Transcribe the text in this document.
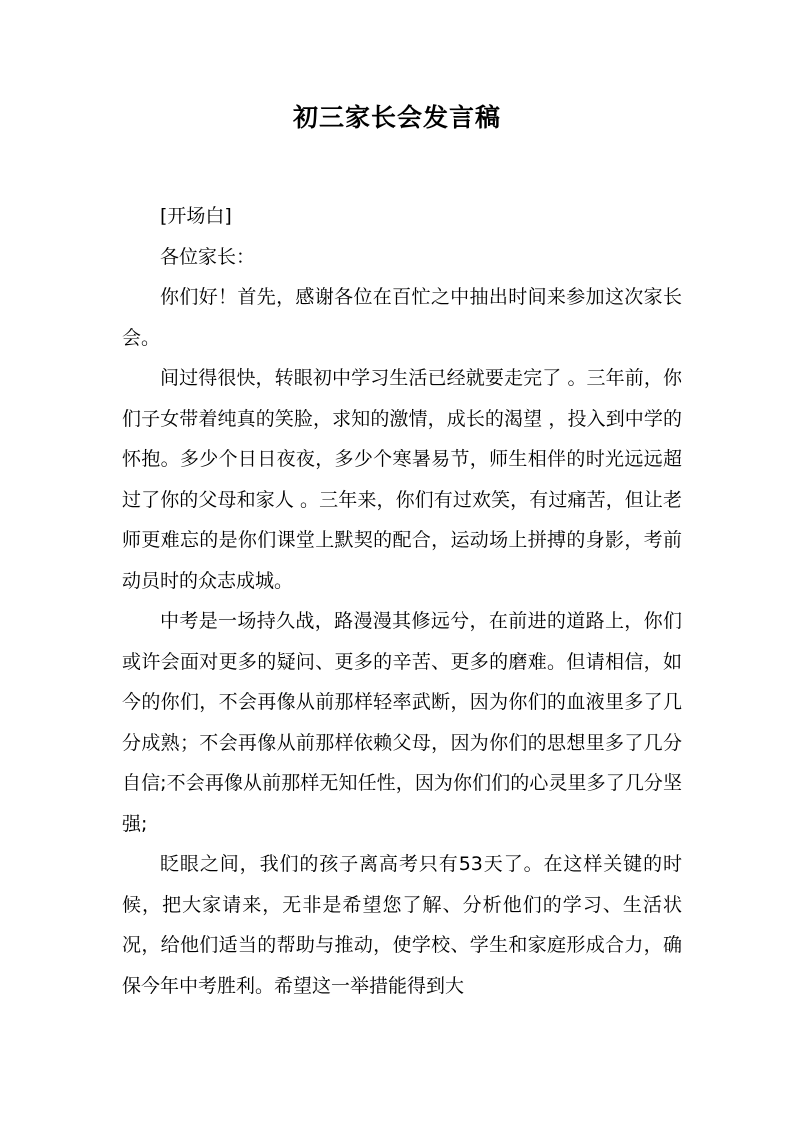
初三家长会发言稿

[开场白]

各位家长：

你们好！首先，感谢各位在百忙之中抽出时间来参加这次家长会。

间过得很快，转眼初中学习生活已经就要走完了 。三年前，你们子女带着纯真的笑脸，求知的激情，成长的渴望 ，投入到中学的怀抱。多少个日日夜夜，多少个寒暑易节，师生相伴的时光远远超过了你的父母和家人 。三年来，你们有过欢笑，有过痛苦，但让老师更难忘的是你们课堂上默契的配合，运动场上拼搏的身影，考前动员时的众志成城。

中考是一场持久战，路漫漫其修远兮，在前进的道路上，你们或许会面对更多的疑问、更多的辛苦、更多的磨难。但请相信，如今的你们，不会再像从前那样轻率武断，因为你们的血液里多了几分成熟；不会再像从前那样依赖父母，因为你们的思想里多了几分自信;不会再像从前那样无知任性，因为你们们的心灵里多了几分坚强;

眨眼之间，我们的孩子离高考只有53天了。在这样关键的时候，把大家请来，无非是希望您了解、分析他们的学习、生活状况，给他们适当的帮助与推动，使学校、学生和家庭形成合力，确保今年中考胜利。希望这一举措能得到大
